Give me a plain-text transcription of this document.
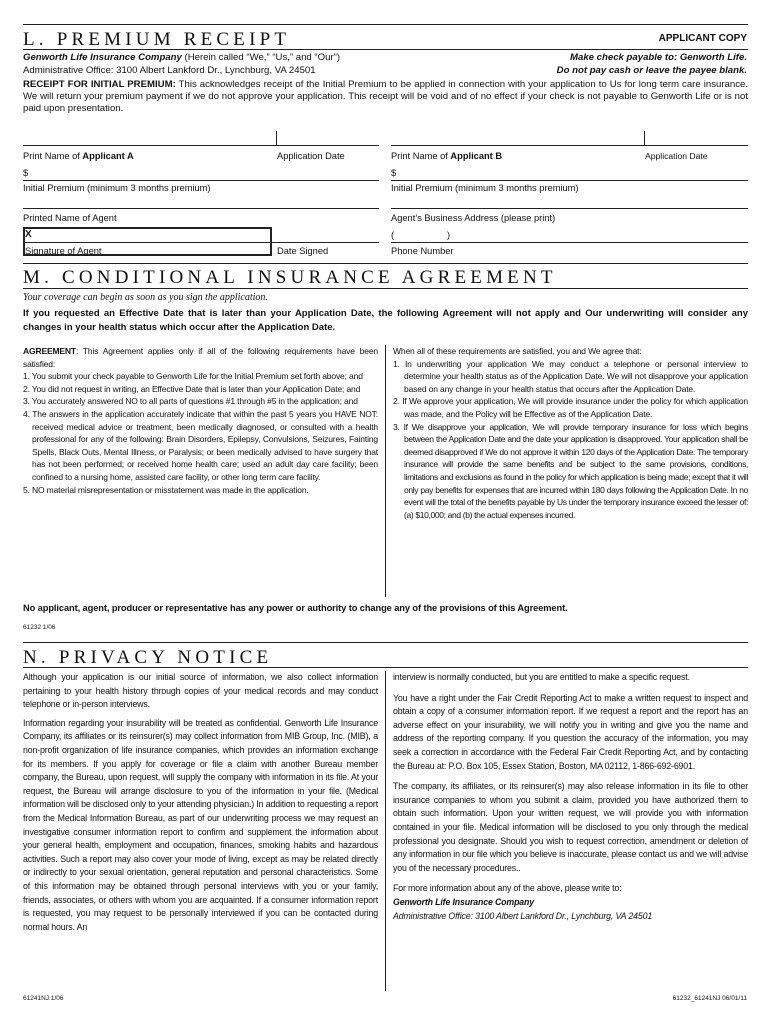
L. PREMIUM RECEIPT	APPLICANT COPY
Genworth Life Insurance Company (Herein called “We,” “Us,” and “Our”)
Administrative Office: 3100 Albert Lankford Dr., Lynchburg, VA 24501
Make check payable to: Genworth Life.
Do not pay cash or leave the payee blank.
RECEIPT FOR INITIAL PREMIUM: This acknowledges receipt of the Initial Premium to be applied in connection with your application to Us for long term care insurance. We will return your premium payment if we do not approve your application. This receipt will be void and of no effect if your check is not payable to Genworth Life or is not paid upon presentation.
Print Name of Applicant A	Application Date	Print Name of Applicant B	Application Date
$	$
Initial Premium (minimum 3 months premium)	Initial Premium (minimum 3 months premium)
Printed Name of Agent	Agent’s Business Address (please print)
X
Signature of Agent	Date Signed
(	)
Phone Number
M. CONDITIONAL INSURANCE AGREEMENT
Your coverage can begin as soon as you sign the application.
If you requested an Effective Date that is later than your Application Date, the following Agreement will not apply and Our underwriting will consider any changes in your health status which occur after the Application Date.

AGREEMENT: This Agreement applies only if all of the following requirements have been satisfied:

1. You submit your check payable to Genworth Life for the Initial Premium set forth above; and

2. You did not request in writing, an Effective Date that is later than your Application Date; and

3. You accurately answered NO to all parts of questions #1 through #5 in the application; and

4. The answers in the application accurately indicate that within the past 5 years you HAVE NOT: received medical advice or treatment, been medically diagnosed, or consulted with a health professional for any of the following: Brain Disorders, Epilepsy, Convulsions, Seizures, Fainting Spells, Black Outs, Mental Illness, or Paralysis; or been medically advised to have surgery that has not been performed; or received home health care; used an adult day care facility; been confined to a nursing home, assisted care facility, or other long term care facility.

5. NO material misrepresentation or misstatement was made in the application.

When all of these requirements are satisfied, you and We agree that:

1. In underwriting your application We may conduct a telephone or personal interview to determine your health status as of the Application Date. We will not disapprove your application based on any change in your health status that occurs after the Application Date.

2. If We approve your application, We will provide insurance under the policy for which application was made, and the Policy will be Effective as of the Application Date.

3. If We disapprove your application, We will provide temporary insurance for loss which begins between the Application Date and the date your application is disapproved. Your application shall be deemed disapproved if We do not approve it within 120 days of the Application Date. The temporary insurance will provide the same benefits and be subject to the same provisions, conditions, limitations and exclusions as found in the policy for which application is being made; except that it will only pay benefits for expenses that are incurred within 180 days following the Application Date. In no event will the total of the benefits payable by Us under the temporary insurance exceed the lesser of: (a) $10,000; and (b) the actual expenses incurred.

No applicant, agent, producer or representative has any power or authority to change any of the provisions of this Agreement.
61232 1/06
N. PRIVACY NOTICE

Although your application is our initial source of information, we also collect information pertaining to your health history through copies of your medical records and may conduct telephone or in-person interviews.

Information regarding your insurability will be treated as confidential. Genworth Life Insurance Company, its affiliates or its reinsurer(s) may collect information from MIB Group, Inc. (MIB), a non-profit organization of life insurance companies, which provides an information exchange for its members. If you apply for coverage or file a claim with another Bureau member company, the Bureau, upon request, will supply the company with information in its file. At your request, the Bureau will arrange disclosure to you of the information in your file. (Medical information will be disclosed only to your attending physician.) In addition to requesting a report from the Medical Information Bureau, as part of our underwriting process we may request an investigative consumer information report to confirm and supplement the information about your general health, employment and occupation, finances, smoking habits and hazardous activities. Such a report may also cover your mode of living, except as may be related directly or indirectly to your sexual orientation, general reputation and personal characteristics. Some of this information may be obtained through personal interviews with you or your family, friends, associates, or others with whom you are acquainted. If a consumer information report is requested, you may request to be personally interviewed if you can be contacted during normal hours. An

interview is normally conducted, but you are entitled to make a specific request.

You have a right under the Fair Credit Reporting Act to make a written request to inspect and obtain a copy of a consumer information report. If we request a report and the report has an adverse effect on your insurability, we will notify you in writing and give you the name and address of the reporting company. If you question the accuracy of the information, you may seek a correction in accordance with the Federal Fair Credit Reporting Act, and by contacting the Bureau at: P.O. Box 105, Essex Station, Boston, MA 02112, 1-866-692-6901.

The company, its affiliates, or its reinsurer(s) may also release information in its file to other insurance companies to whom you submit a claim, provided you have authorized them to obtain such information. Upon your written request, we will provide you with information contained in your file. Medical information will be disclosed to you only through the medical professional you designate. Should you wish to request correction, amendment or deletion of any information in our file which you believe is inaccurate, please contact us and we will advise you of the necessary procedures..

For more information about any of the above, please write to:

Genworth Life Insurance Company

Administrative Office: 3100 Albert Lankford Dr., Lynchburg, VA 24501

61241NJ.1/06	61232_61241NJ 06/01/11
